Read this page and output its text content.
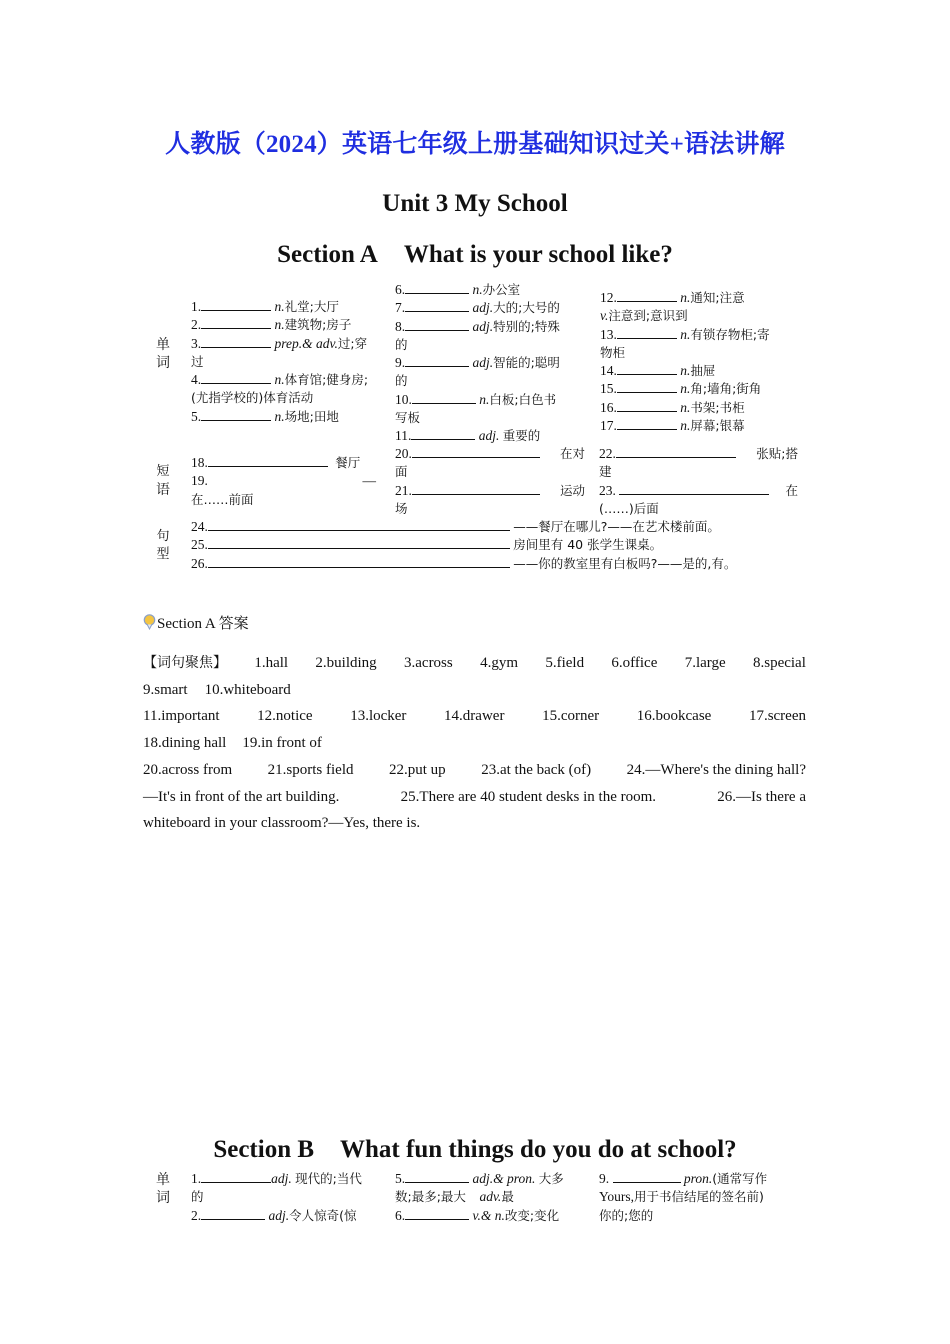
人教版（2024）英语七年级上册基础知识过关+语法讲解
Unit 3 My School
Section A What is your school like?
单
词
短
语
句
型
1.	n.礼堂;大厅
2.	n.建筑物;房子
3.	prep.& adv.过;穿
过
4.	n.体育馆;健身房;
(尤指学校的)体育活动
5.	n.场地;田地
6.	n.办公室
7.	adj.大的;大号的
8.	adj.特别的;特殊
的
9.	adj.智能的;聪明
的
10.	n.白板;白色书
写板
11.	adj. 重要的
12.	n.通知;注意
v.注意到;意识到
13.	n.有锁存物柜;寄
物柜
14.	n.抽屉
15.	n.角;墙角;街角
16.	n.书架;书柜
17.	n.屏幕;银幕
18.	餐厅
19.	—
在……前面
20.	在对
面
21.	运动
场
22.	张贴;搭
建
23.	在
(……)后面
24.	——餐厅在哪儿?——在艺术楼前面。
25.	房间里有 40 张学生课桌。
26.	——你的教室里有白板吗?——是的,有。
Section A 答案
【词句聚焦】 1.hall 2.building 3.across 4.gym 5.field 6.office 7.large 8.special
9.smart 10.whiteboard
11.important	12.notice	13.locker	14.drawer	15.corner	16.bookcase	17.screen
18.dining hall 19.in front of
20.across from 21.sports field 22.put up 23.at the back (of) 24.—Where's the dining hall?
—It's in front of the art building.	25.There are 40 student desks in the room.	26.—Is there a
whiteboard in your classroom?—Yes, there is.
Section B What fun things do you do at school?
单
词
1.	adj. 现代的;当代
的
2.	adj.令人惊奇(惊
5.	adj.& pron. 大多
数;最多;最大 adv.最
6.	v.& n.改变;变化
9.	pron.(通常写作
Yours,用于书信结尾的签名前)
你的;您的
